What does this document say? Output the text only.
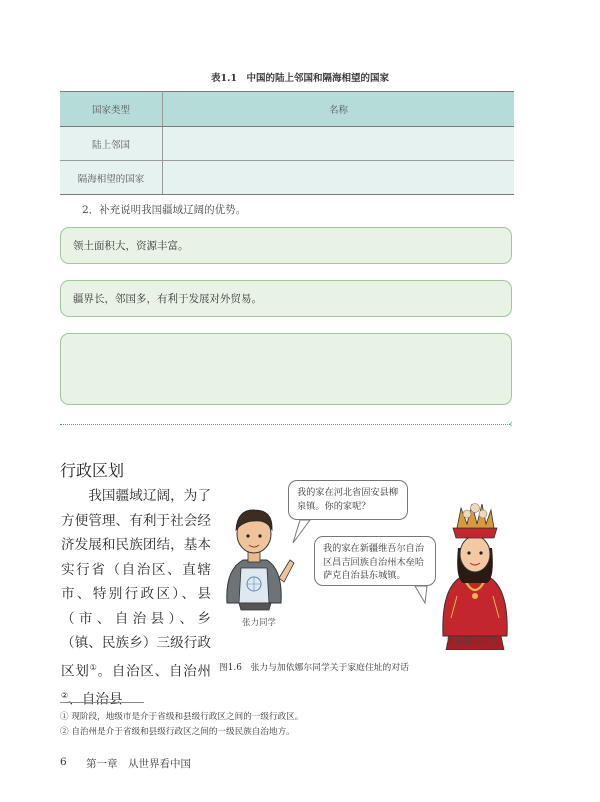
表1.1　中国的陆上邻国和隔海相望的国家
国家类型	名称
陆上邻国	
隔海相望的国家	
2．补充说明我国疆域辽阔的优势。
领土面积大，资源丰富。
疆界长，邻国多，有利于发展对外贸易。
‹
行政区划
  我国疆域辽阔，为了方便管理、有利于社会经济发展和民族团结，基本实行省（自治区、直辖市、特别行政区）、县（市、自治县）、乡（镇、民族乡）三级行政区划①。自治区、自治州②、自治县
我的家在河北省固安县柳泉镇。你的家呢？
我的家在新疆维吾尔自治区昌吉回族自治州木垒哈萨克自治县东城镇。
张力同学
加依娜尔同学
图1.6　张力与加依娜尔同学关于家庭住址的对话
① 现阶段，地级市是介于省级和县级行政区之间的一级行政区。
② 自治州是介于省级和县级行政区之间的一级民族自治地方。
6 第一章　从世界看中国
